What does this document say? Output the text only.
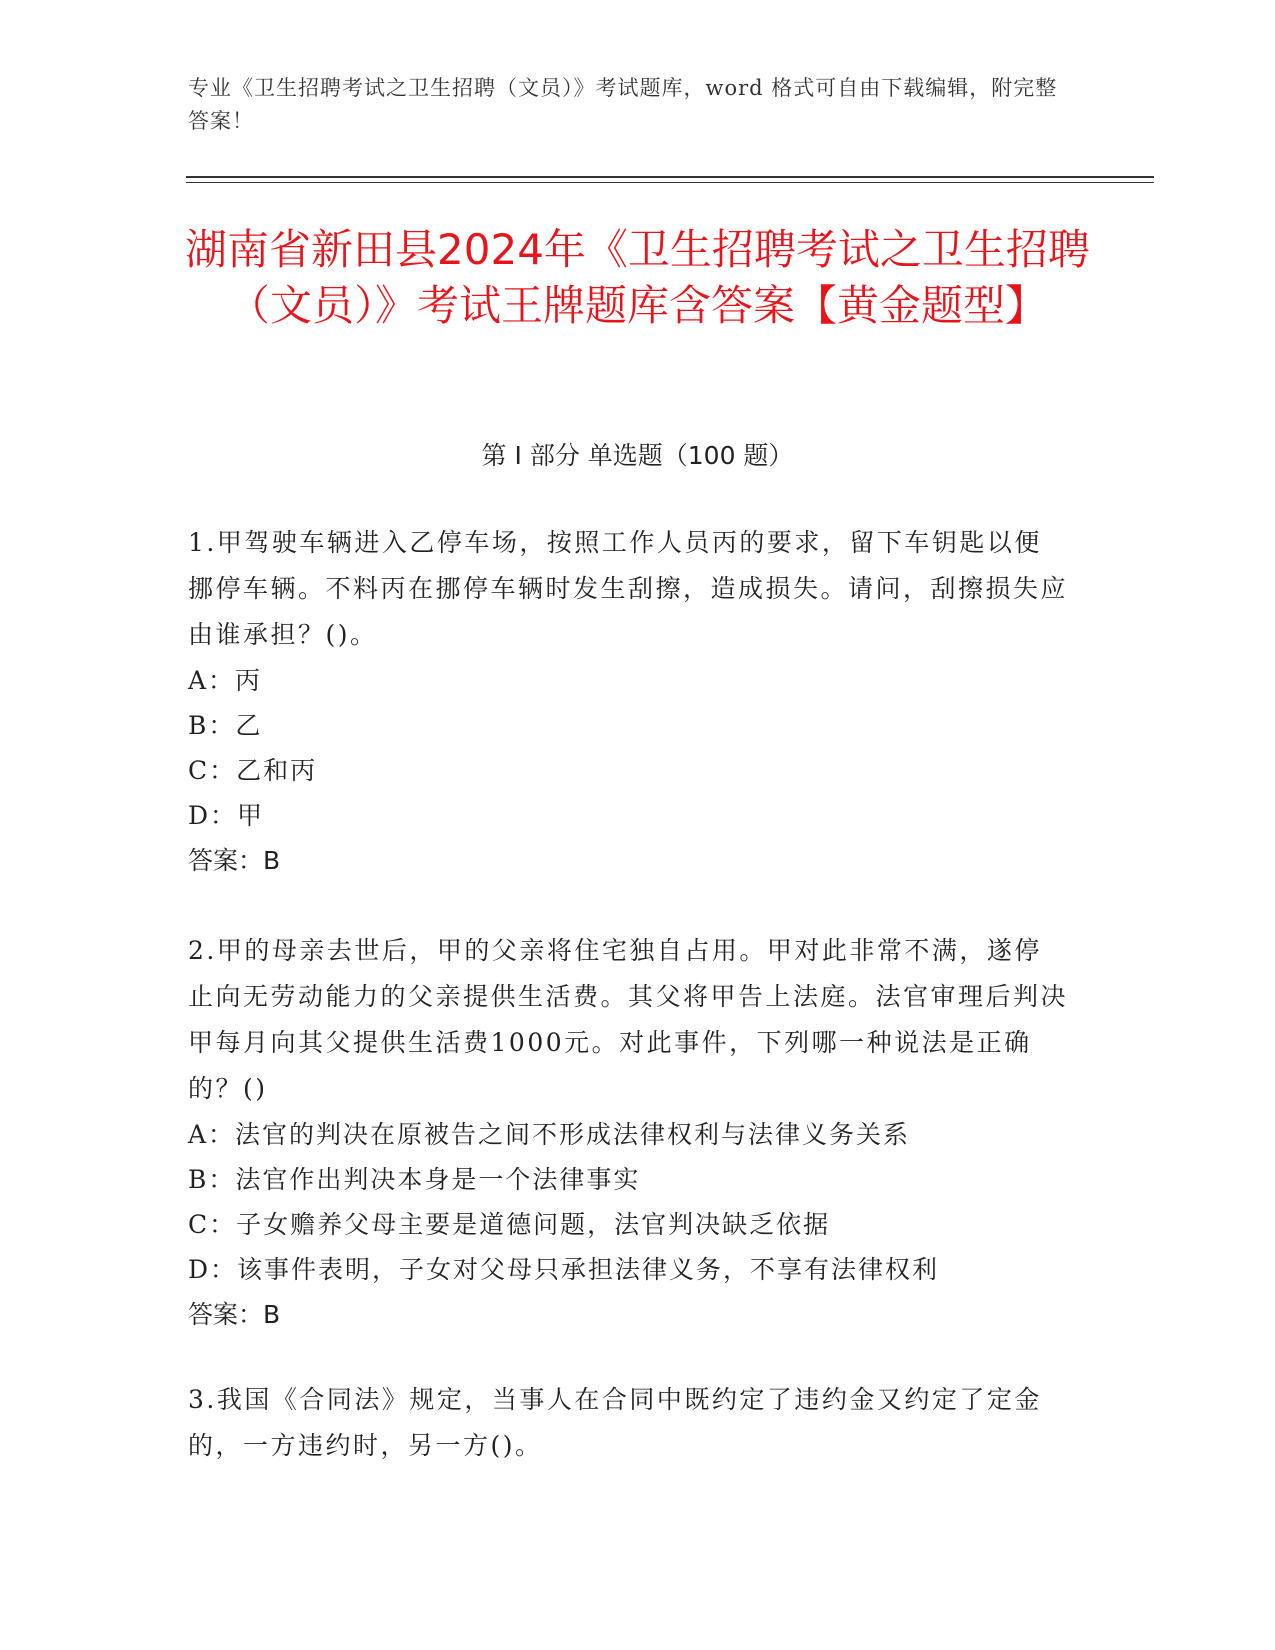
专业《卫生招聘考试之卫生招聘（文员）》考试题库，word 格式可自由下载编辑，附完整答案！
湖南省新田县2024年《卫生招聘考试之卫生招聘（文员）》考试王牌题库含答案【黄金题型】
第 I 部分 单选题（100 题）

1.甲驾驶车辆进入乙停车场，按照工作人员丙的要求，留下车钥匙以便挪停车辆。不料丙在挪停车辆时发生刮擦，造成损失。请问，刮擦损失应由谁承担？()。

A：丙

B：乙

C：乙和丙

D：甲

答案：B

2.甲的母亲去世后，甲的父亲将住宅独自占用。甲对此非常不满，遂停止向无劳动能力的父亲提供生活费。其父将甲告上法庭。法官审理后判决甲每月向其父提供生活费1000元。对此事件，下列哪一种说法是正确的？()

A：法官的判决在原被告之间不形成法律权利与法律义务关系

B：法官作出判决本身是一个法律事实

C：子女赡养父母主要是道德问题，法官判决缺乏依据

D：该事件表明，子女对父母只承担法律义务，不享有法律权利

答案：B

3.我国《合同法》规定，当事人在合同中既约定了违约金又约定了定金的，一方违约时，另一方()。
